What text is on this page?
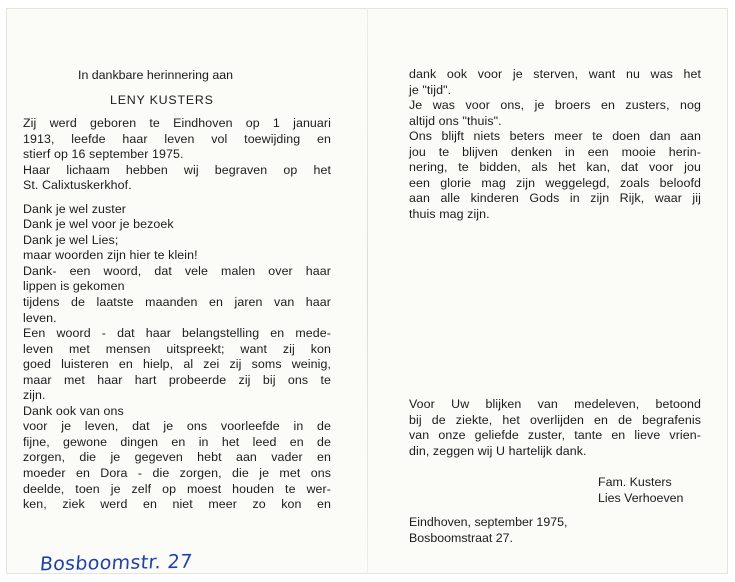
In dankbare herinnering aan
LENY KUSTERS
Zij werd geboren te Eindhoven op 1 januari
1913, leefde haar leven vol toewijding en
stierf op 16 september 1975.
Haar lichaam hebben wij begraven op het
St. Calixtuskerkhof.
Dank je wel zuster
Dank je wel voor je bezoek
Dank je wel Lies;
maar woorden zijn hier te klein!
Dank- een woord, dat vele malen over haar
lippen is gekomen
tijdens de laatste maanden en jaren van haar
leven.
Een woord - dat haar belangstelling en mede-
leven met mensen uitspreekt; want zij kon
goed luisteren en hielp, al zei zij soms weinig,
maar met haar hart probeerde zij bij ons te
zijn.
Dank ook van ons
voor je leven, dat je ons voorleefde in de
fijne, gewone dingen en in het leed en de
zorgen, die je gegeven hebt aan vader en
moeder en Dora - die zorgen, die je met ons
deelde, toen je zelf op moest houden te wer-
ken, ziek werd en niet meer zo kon en
dank ook voor je sterven, want nu was het
je "tijd".
Je was voor ons, je broers en zusters, nog
altijd ons "thuis".
Ons blijft niets beters meer te doen dan aan
jou te blijven denken in een mooie herin-
nering, te bidden, als het kan, dat voor jou
een glorie mag zijn weggelegd, zoals beloofd
aan alle kinderen Gods in zijn Rijk, waar jij
thuis mag zijn.
Voor Uw blijken van medeleven, betoond
bij de ziekte, het overlijden en de begrafenis
van onze geliefde zuster, tante en lieve vrien-
din, zeggen wij U hartelijk dank.
Fam. Kusters
Lies Verhoeven
Eindhoven, september 1975,
Bosboomstraat 27.
Bosboomstr. 27
